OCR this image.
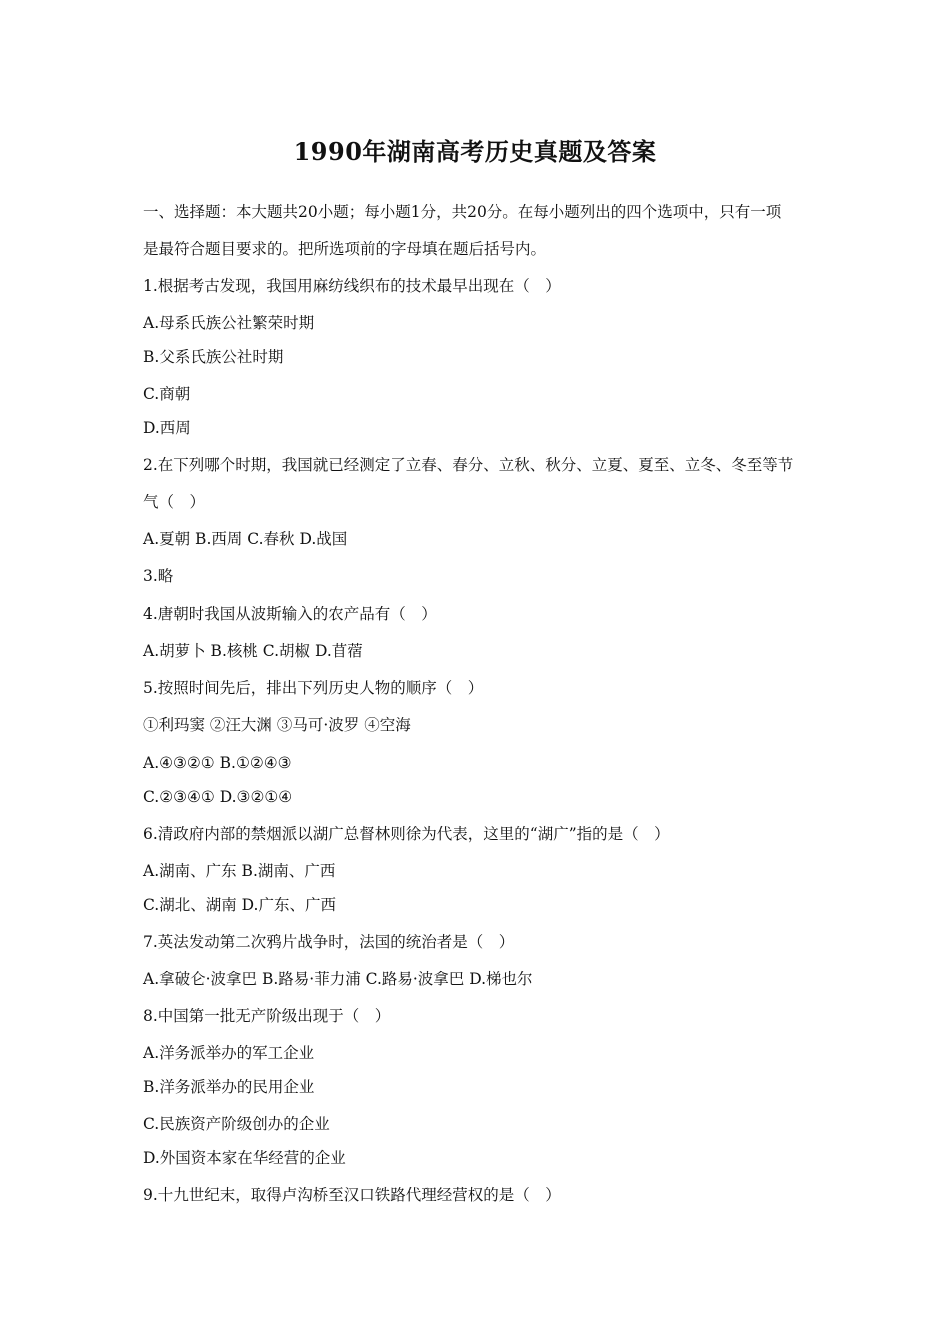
1990年湖南高考历史真题及答案
一、选择题：本大题共20小题；每小题1分，共20分。在每小题列出的四个选项中，只有一项
是最符合题目要求的。把所选项前的字母填在题后括号内。
1.根据考古发现，我国用麻纺线织布的技术最早出现在（　）
A.母系氏族公社繁荣时期
B.父系氏族公社时期
C.商朝
D.西周
2.在下列哪个时期，我国就已经测定了立春、春分、立秋、秋分、立夏、夏至、立冬、冬至等节
气（　）
A.夏朝 B.西周 C.春秋 D.战国
3.略
4.唐朝时我国从波斯输入的农产品有（　）
A.胡萝卜 B.核桃 C.胡椒 D.苜蓿
5.按照时间先后，排出下列历史人物的顺序（　）
①利玛窦 ②汪大渊 ③马可·波罗 ④空海
A.④③②① B.①②④③
C.②③④① D.③②①④
6.清政府内部的禁烟派以湖广总督林则徐为代表，这里的“湖广”指的是（　）
A.湖南、广东 B.湖南、广西
C.湖北、湖南 D.广东、广西
7.英法发动第二次鸦片战争时，法国的统治者是（　）
A.拿破仑·波拿巴 B.路易·菲力浦 C.路易·波拿巴 D.梯也尔
8.中国第一批无产阶级出现于（　）
A.洋务派举办的军工企业
B.洋务派举办的民用企业
C.民族资产阶级创办的企业
D.外国资本家在华经营的企业
9.十九世纪末，取得卢沟桥至汉口铁路代理经营权的是（　）
